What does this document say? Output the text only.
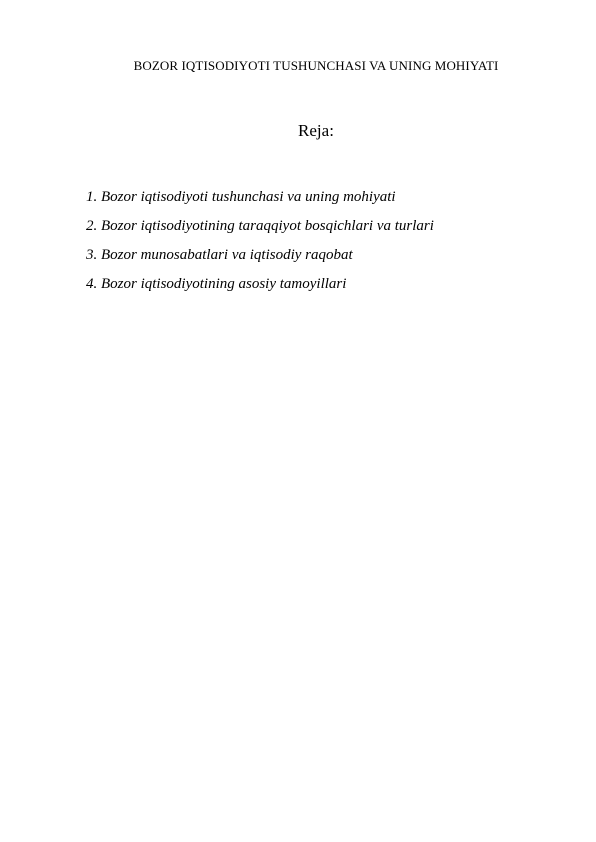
BOZOR IQTISODIYOTI TUSHUNCHASI VA UNING MOHIYATI
Reja:
1. Bozor iqtisodiyoti tushunchasi va uning mohiyati
2. Bozor iqtisodiyotining taraqqiyot bosqichlari va turlari
3. Bozor munosabatlari va iqtisodiy raqobat
4. Bozor iqtisodiyotining asosiy tamoyillari
